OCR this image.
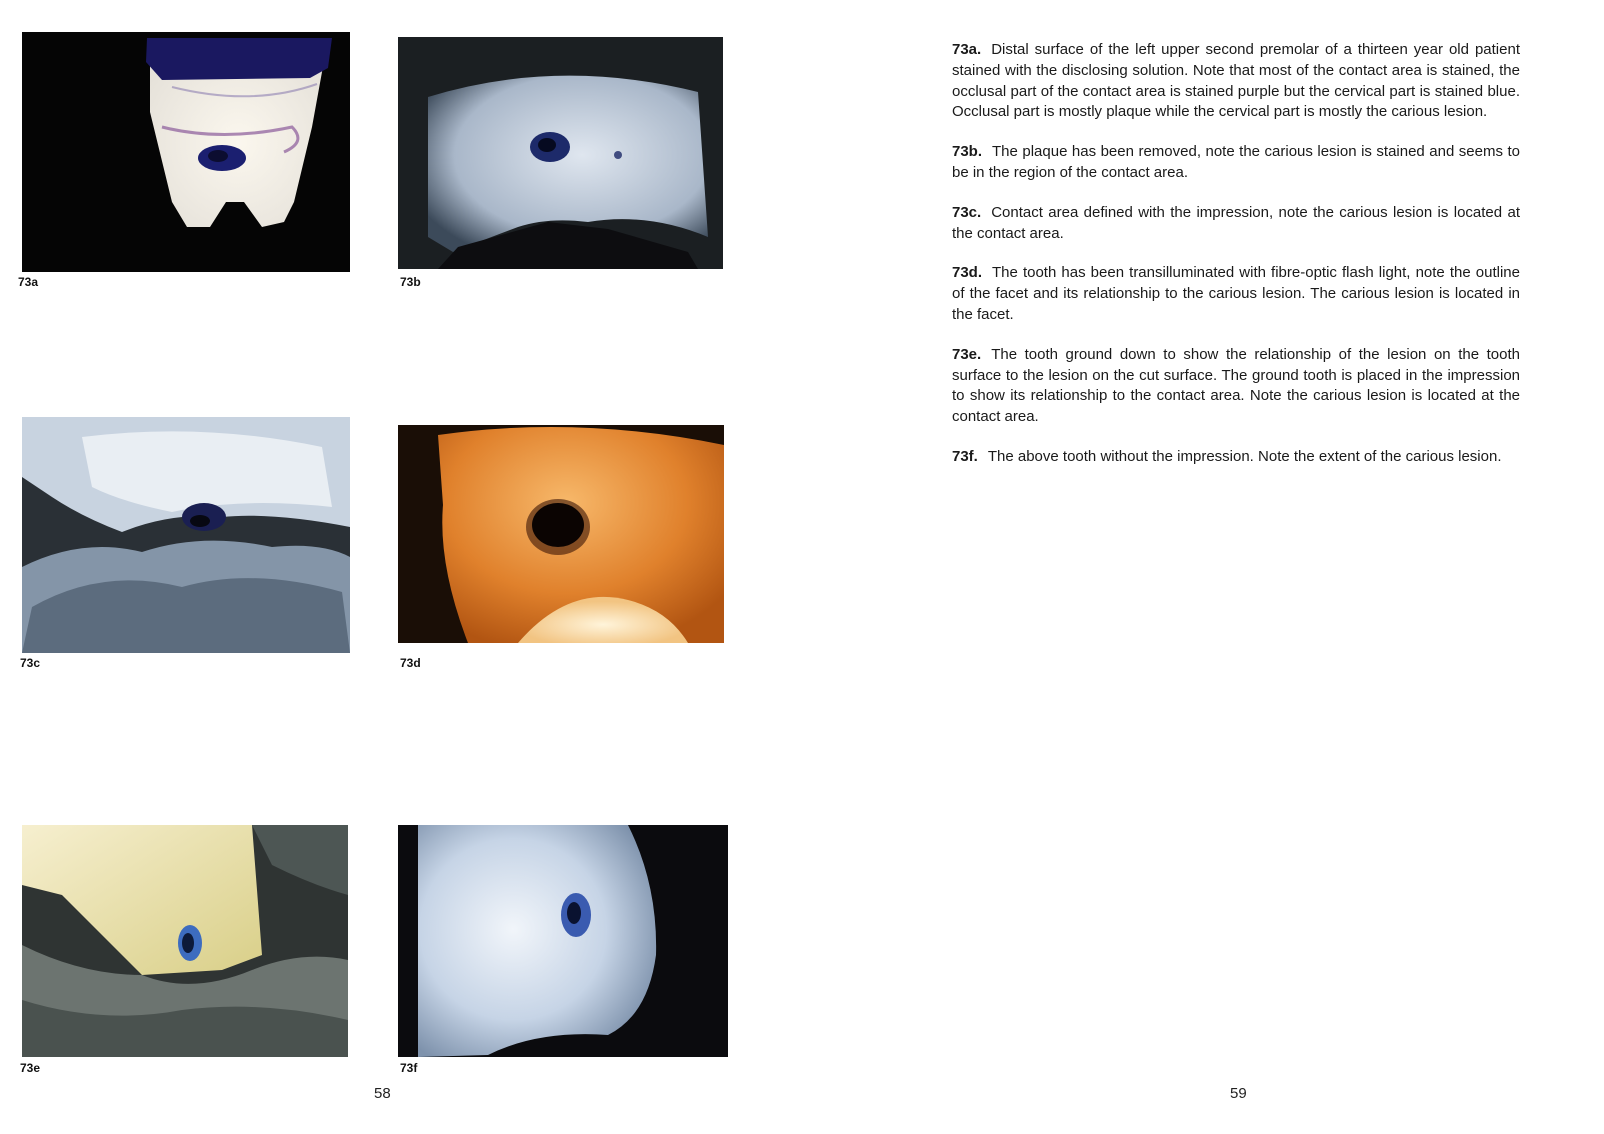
73a	73b
73c	73d
73e	73f
58

73a. Distal surface of the left upper second premolar of a thirteen year old patient stained with the disclosing solution. Note that most of the contact area is stained, the occlusal part of the contact area is stained purple but the cervical part is stained blue. Occlusal part is mostly plaque while the cervical part is mostly the carious lesion.

73b. The plaque has been removed, note the carious lesion is stained and seems to be in the region of the contact area.

73c. Contact area defined with the impression, note the carious lesion is located at the contact area.

73d. The tooth has been transilluminated with fibre-optic flash light, note the outline of the facet and its relationship to the carious lesion. The carious lesion is located in the facet.

73e. The tooth ground down to show the relationship of the lesion on the tooth surface to the lesion on the cut surface. The ground tooth is placed in the impression to show its relationship to the contact area. Note the carious lesion is located at the contact area.

73f. The above tooth without the impression. Note the extent of the carious lesion.

59
